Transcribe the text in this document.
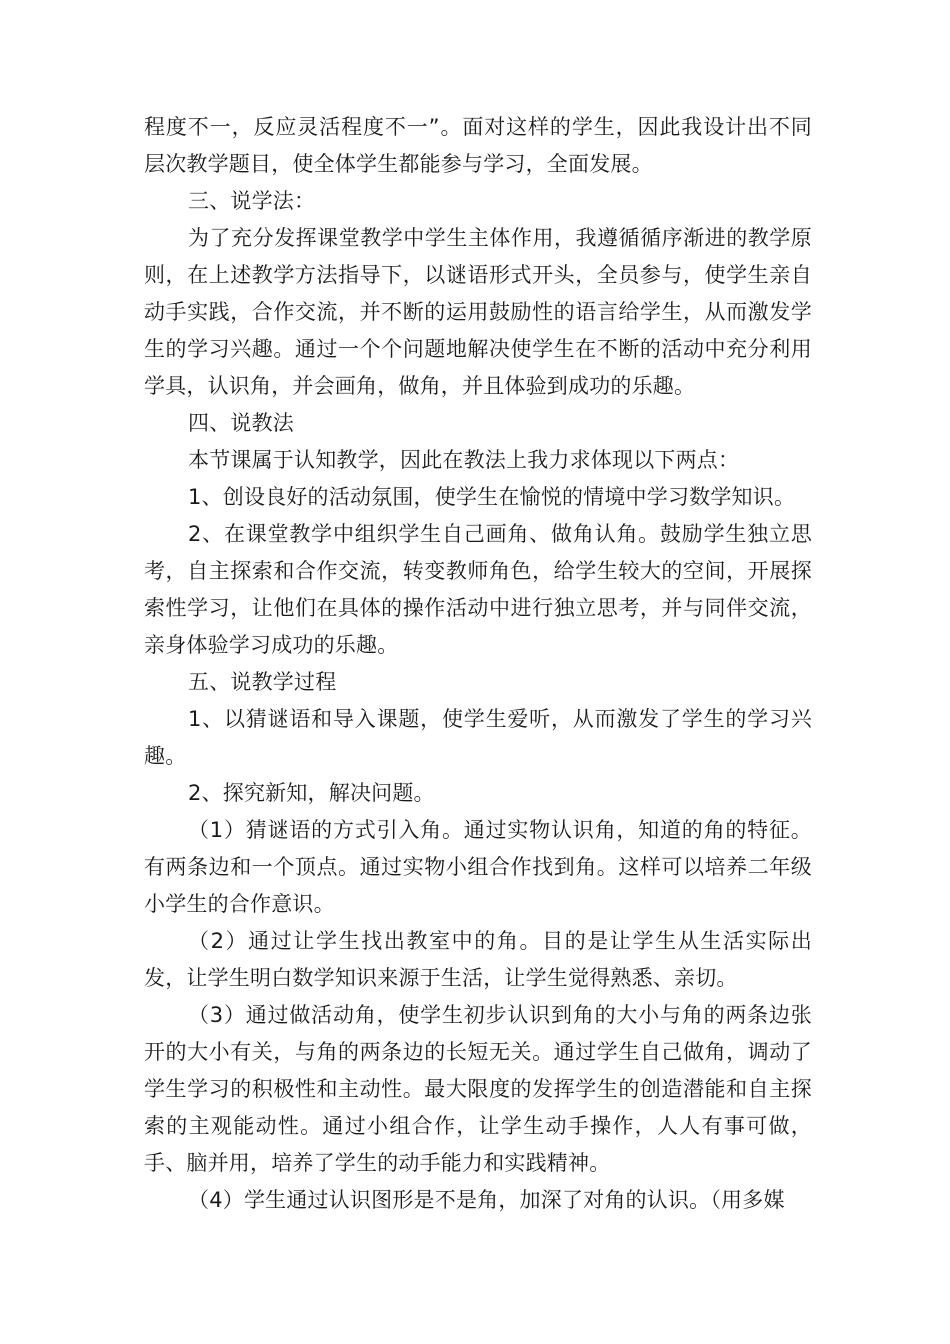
程度不一，反应灵活程度不一”。面对这样的学生，因此我设计出不同层次教学题目，使全体学生都能参与学习，全面发展。

三、说学法：

为了充分发挥课堂教学中学生主体作用，我遵循循序渐进的教学原则，在上述教学方法指导下，以谜语形式开头，全员参与，使学生亲自动手实践，合作交流，并不断的运用鼓励性的语言给学生，从而激发学生的学习兴趣。通过一个个问题地解决使学生在不断的活动中充分利用学具，认识角，并会画角，做角，并且体验到成功的乐趣。

四、说教法

本节课属于认知教学，因此在教法上我力求体现以下两点：

1、创设良好的活动氛围，使学生在愉悦的情境中学习数学知识。

2、在课堂教学中组织学生自己画角、做角认角。鼓励学生独立思考，自主探索和合作交流，转变教师角色，给学生较大的空间，开展探索性学习，让他们在具体的操作活动中进行独立思考，并与同伴交流，亲身体验学习成功的乐趣。

五、说教学过程

1、以猜谜语和导入课题，使学生爱听，从而激发了学生的学习兴趣。

2、探究新知，解决问题。

（1）猜谜语的方式引入角。通过实物认识角，知道的角的特征。有两条边和一个顶点。通过实物小组合作找到角。这样可以培养二年级小学生的合作意识。

（2）通过让学生找出教室中的角。目的是让学生从生活实际出发，让学生明白数学知识来源于生活，让学生觉得熟悉、亲切。

（3）通过做活动角，使学生初步认识到角的大小与角的两条边张开的大小有关，与角的两条边的长短无关。通过学生自己做角，调动了学生学习的积极性和主动性。最大限度的发挥学生的创造潜能和自主探索的主观能动性。通过小组合作，让学生动手操作，人人有事可做，手、脑并用，培养了学生的动手能力和实践精神。

（4）学生通过认识图形是不是角，加深了对角的认识。（用多媒
